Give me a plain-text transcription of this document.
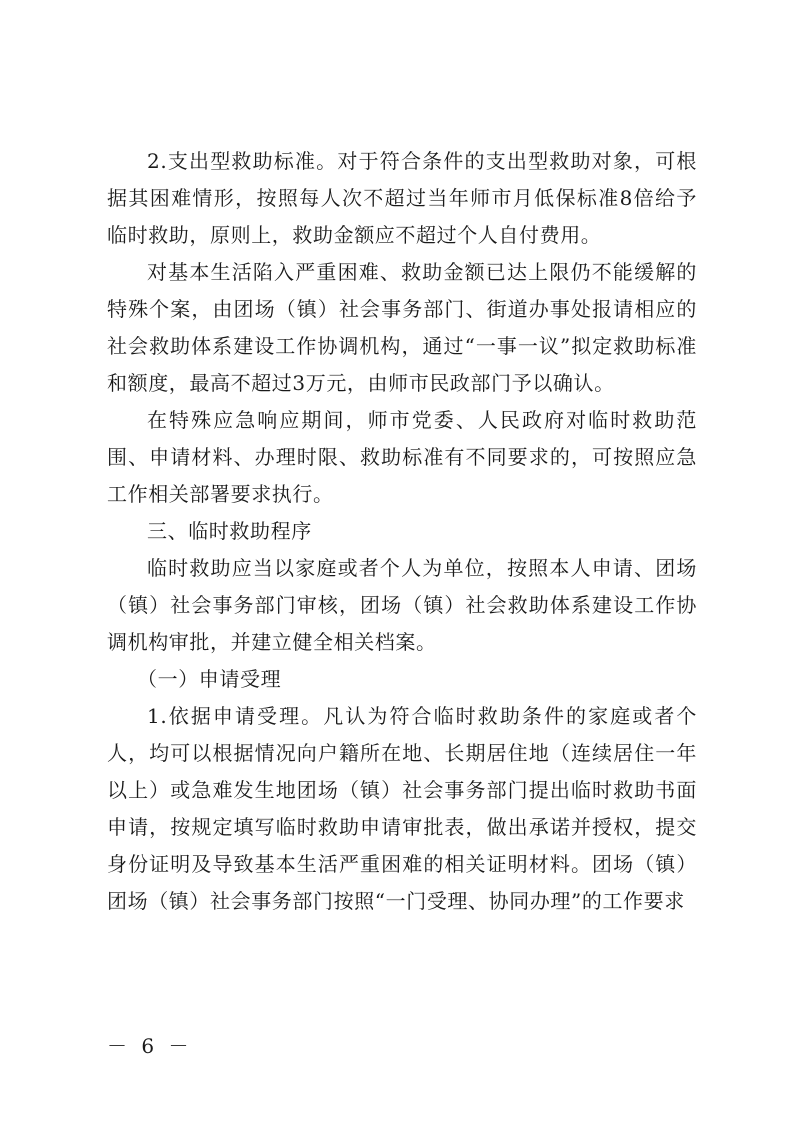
2.支出型救助标准。对于符合条件的支出型救助对象，可根据其困难情形，按照每人次不超过当年师市月低保标准8倍给予临时救助，原则上，救助金额应不超过个人自付费用。

对基本生活陷入严重困难、救助金额已达上限仍不能缓解的特殊个案，由团场（镇）社会事务部门、街道办事处报请相应的社会救助体系建设工作协调机构，通过“一事一议”拟定救助标准和额度，最高不超过3万元，由师市民政部门予以确认。

在特殊应急响应期间，师市党委、人民政府对临时救助范围、申请材料、办理时限、救助标准有不同要求的，可按照应急工作相关部署要求执行。

三、临时救助程序

临时救助应当以家庭或者个人为单位，按照本人申请、团场（镇）社会事务部门审核，团场（镇）社会救助体系建设工作协调机构审批，并建立健全相关档案。

（一）申请受理

1.依据申请受理。凡认为符合临时救助条件的家庭或者个人，均可以根据情况向户籍所在地、长期居住地（连续居住一年以上）或急难发生地团场（镇）社会事务部门提出临时救助书面申请，按规定填写临时救助申请审批表，做出承诺并授权，提交身份证明及导致基本生活严重困难的相关证明材料。团场（镇）团场（镇）社会事务部门按照“一门受理、协同办理”的工作要求

－ 6 －
